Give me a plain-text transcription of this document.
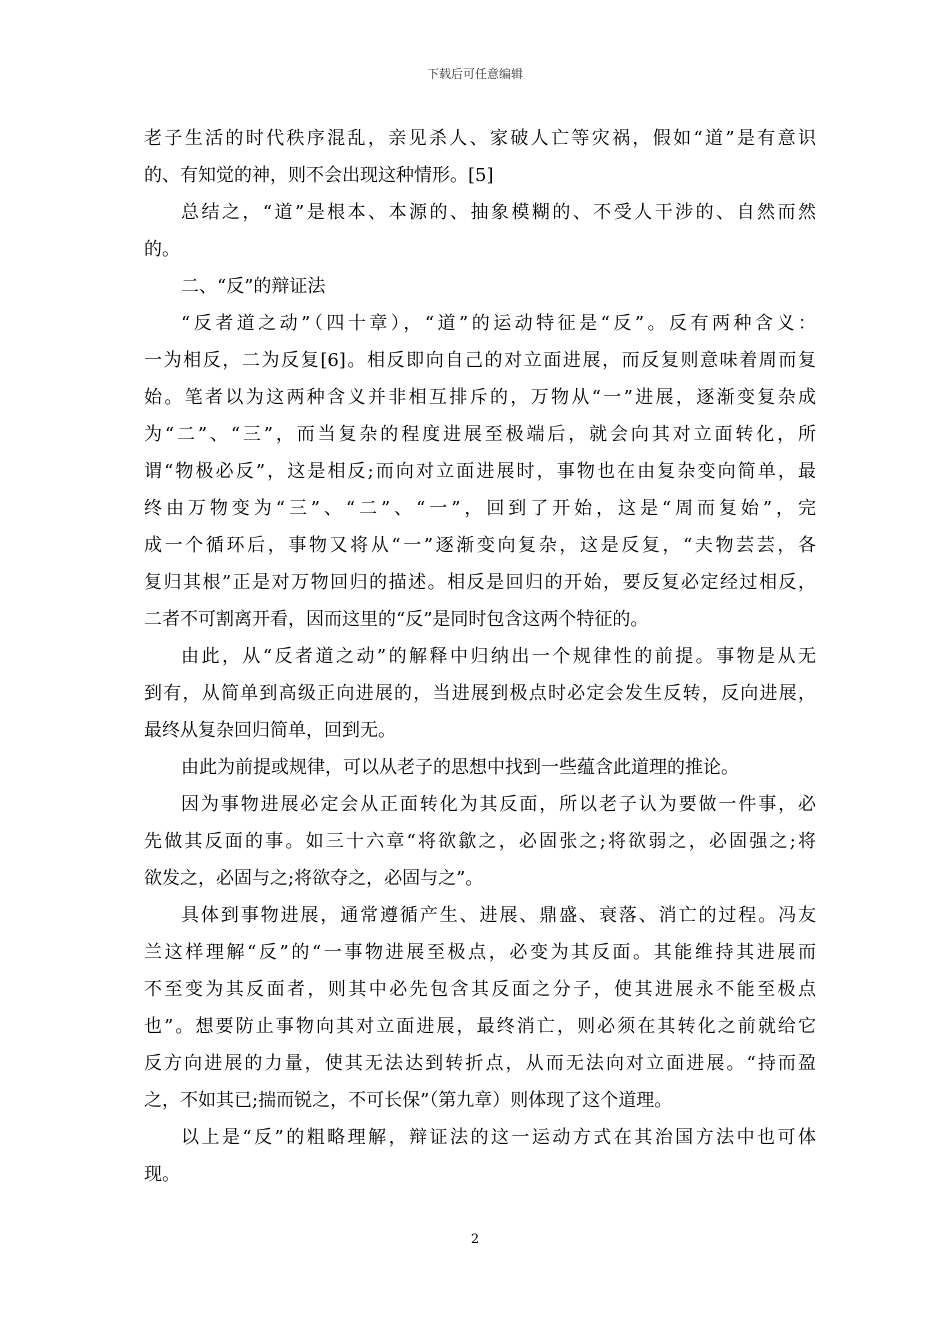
下载后可任意编辑
老子生活的时代秩序混乱，亲见杀人、家破人亡等灾祸，假如“道”是有意识
的、有知觉的神，则不会出现这种情形。[5]
总结之，“道”是根本、本源的、抽象模糊的、不受人干涉的、自然而然
的。
二、“反”的辩证法
“反者道之动”（四十章），“道”的运动特征是“反”。反有两种含义：
一为相反，二为反复[6]。相反即向自己的对立面进展，而反复则意味着周而复
始。笔者以为这两种含义并非相互排斥的，万物从“一”进展，逐渐变复杂成
为“二”、“三”，而当复杂的程度进展至极端后，就会向其对立面转化，所
谓“物极必反”，这是相反;而向对立面进展时，事物也在由复杂变向简单，最
终由万物变为“三”、“二”、“一”，回到了开始，这是“周而复始”，完
成一个循环后，事物又将从“一”逐渐变向复杂，这是反复，“夫物芸芸，各
复归其根”正是对万物回归的描述。相反是回归的开始，要反复必定经过相反，
二者不可割离开看，因而这里的“反”是同时包含这两个特征的。
由此，从“反者道之动”的解释中归纳出一个规律性的前提。事物是从无
到有，从简单到高级正向进展的，当进展到极点时必定会发生反转，反向进展，
最终从复杂回归简单，回到无。
由此为前提或规律，可以从老子的思想中找到一些蕴含此道理的推论。
因为事物进展必定会从正面转化为其反面，所以老子认为要做一件事，必
先做其反面的事。如三十六章“将欲歙之，必固张之;将欲弱之，必固强之;将
欲发之，必固与之;将欲夺之，必固与之”。
具体到事物进展，通常遵循产生、进展、鼎盛、衰落、消亡的过程。冯友
兰这样理解“反”的“一事物进展至极点，必变为其反面。其能维持其进展而
不至变为其反面者，则其中必先包含其反面之分子，使其进展永不能至极点
也”。想要防止事物向其对立面进展，最终消亡，则必须在其转化之前就给它
反方向进展的力量，使其无法达到转折点，从而无法向对立面进展。“持而盈
之，不如其已;揣而锐之，不可长保”（第九章）则体现了这个道理。
以上是“反”的粗略理解，辩证法的这一运动方式在其治国方法中也可体
现。
2
